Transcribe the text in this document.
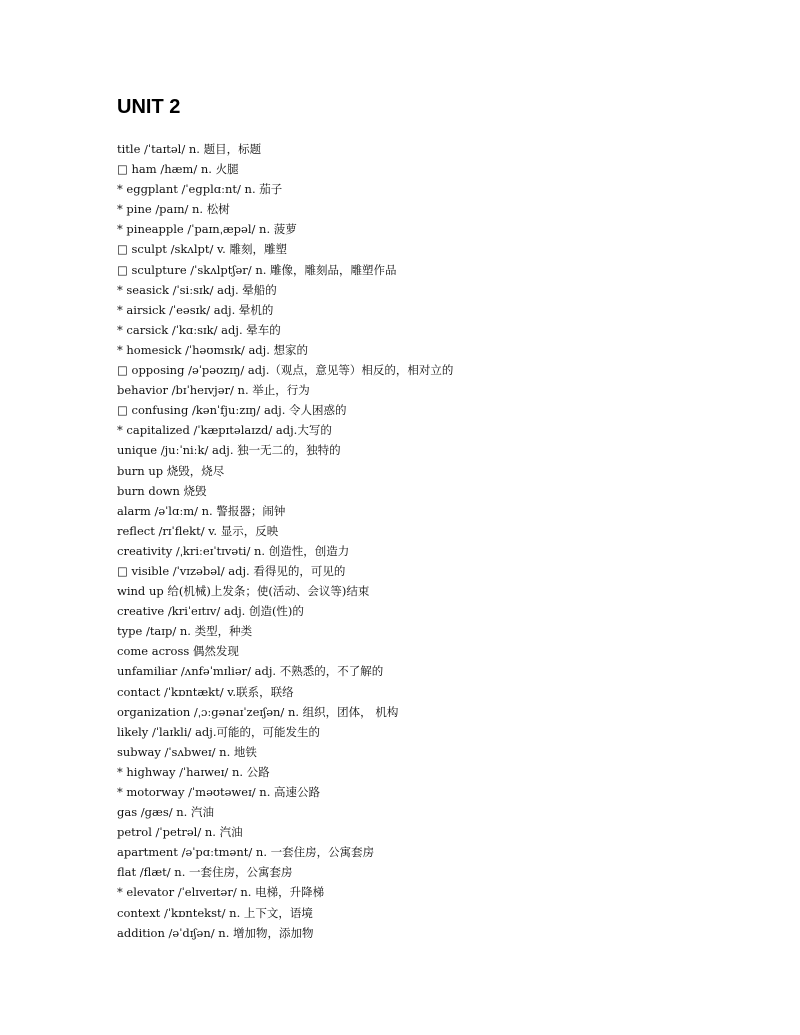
UNIT 2
title /ˈtaɪtəl/ n. 题目，标题
□ ham /hæm/ n. 火腿
* eggplant /ˈegplɑːnt/ n. 茄子
* pine /paɪn/ n. 松树
* pineapple /ˈpaɪnˌæpəl/ n. 菠萝
□ sculpt /skʌlpt/ v. 雕刻，雕塑
□ sculpture /ˈskʌlptʃər/ n. 雕像，雕刻品，雕塑作品
* seasick /ˈsiːsɪk/ adj. 晕船的
* airsick /ˈeəsɪk/ adj. 晕机的
* carsick /ˈkɑːsɪk/ adj. 晕车的
* homesick /ˈhəʊmsɪk/ adj. 想家的
□ opposing /əˈpəʊzɪŋ/ adj.（观点，意见等）相反的，相对立的
behavior /bɪˈheɪvjər/ n. 举止，行为
□ confusing /kənˈfjuːzɪŋ/ adj. 令人困惑的
* capitalized /ˈkæpɪtəlaɪzd/ adj.大写的
unique /juːˈniːk/ adj. 独一无二的，独特的
burn up 烧毁，烧尽
burn down 烧毁
alarm /əˈlɑːm/ n. 警报器；闹钟
reflect /rɪˈflekt/ v. 显示，反映
creativity /ˌkriːeɪˈtɪvəti/ n. 创造性，创造力
□ visible /ˈvɪzəbəl/ adj. 看得见的，可见的
wind up 给(机械)上发条；使(活动、会议等)结束
creative /kriˈeɪtɪv/ adj. 创造(性)的
type /taɪp/ n. 类型，种类
come across 偶然发现
unfamiliar /ʌnfəˈmɪliər/ adj. 不熟悉的，不了解的
contact /ˈkɒntækt/ v.联系，联络
organization /ˌɔːgənaɪˈzeɪʃən/ n. 组织，团体， 机构
likely /ˈlaɪkli/ adj.可能的，可能发生的
subway /ˈsʌbweɪ/ n. 地铁
* highway /ˈhaɪweɪ/ n. 公路
* motorway /ˈməʊtəweɪ/ n. 高速公路
gas /gæs/ n. 汽油
petrol /ˈpetrəl/ n. 汽油
apartment /əˈpɑːtmənt/ n. 一套住房，公寓套房
flat /flæt/ n. 一套住房，公寓套房
* elevator /ˈelɪveɪtər/ n. 电梯，升降梯
context /ˈkɒntekst/ n. 上下文，语境
addition /əˈdɪʃən/ n. 增加物，添加物
